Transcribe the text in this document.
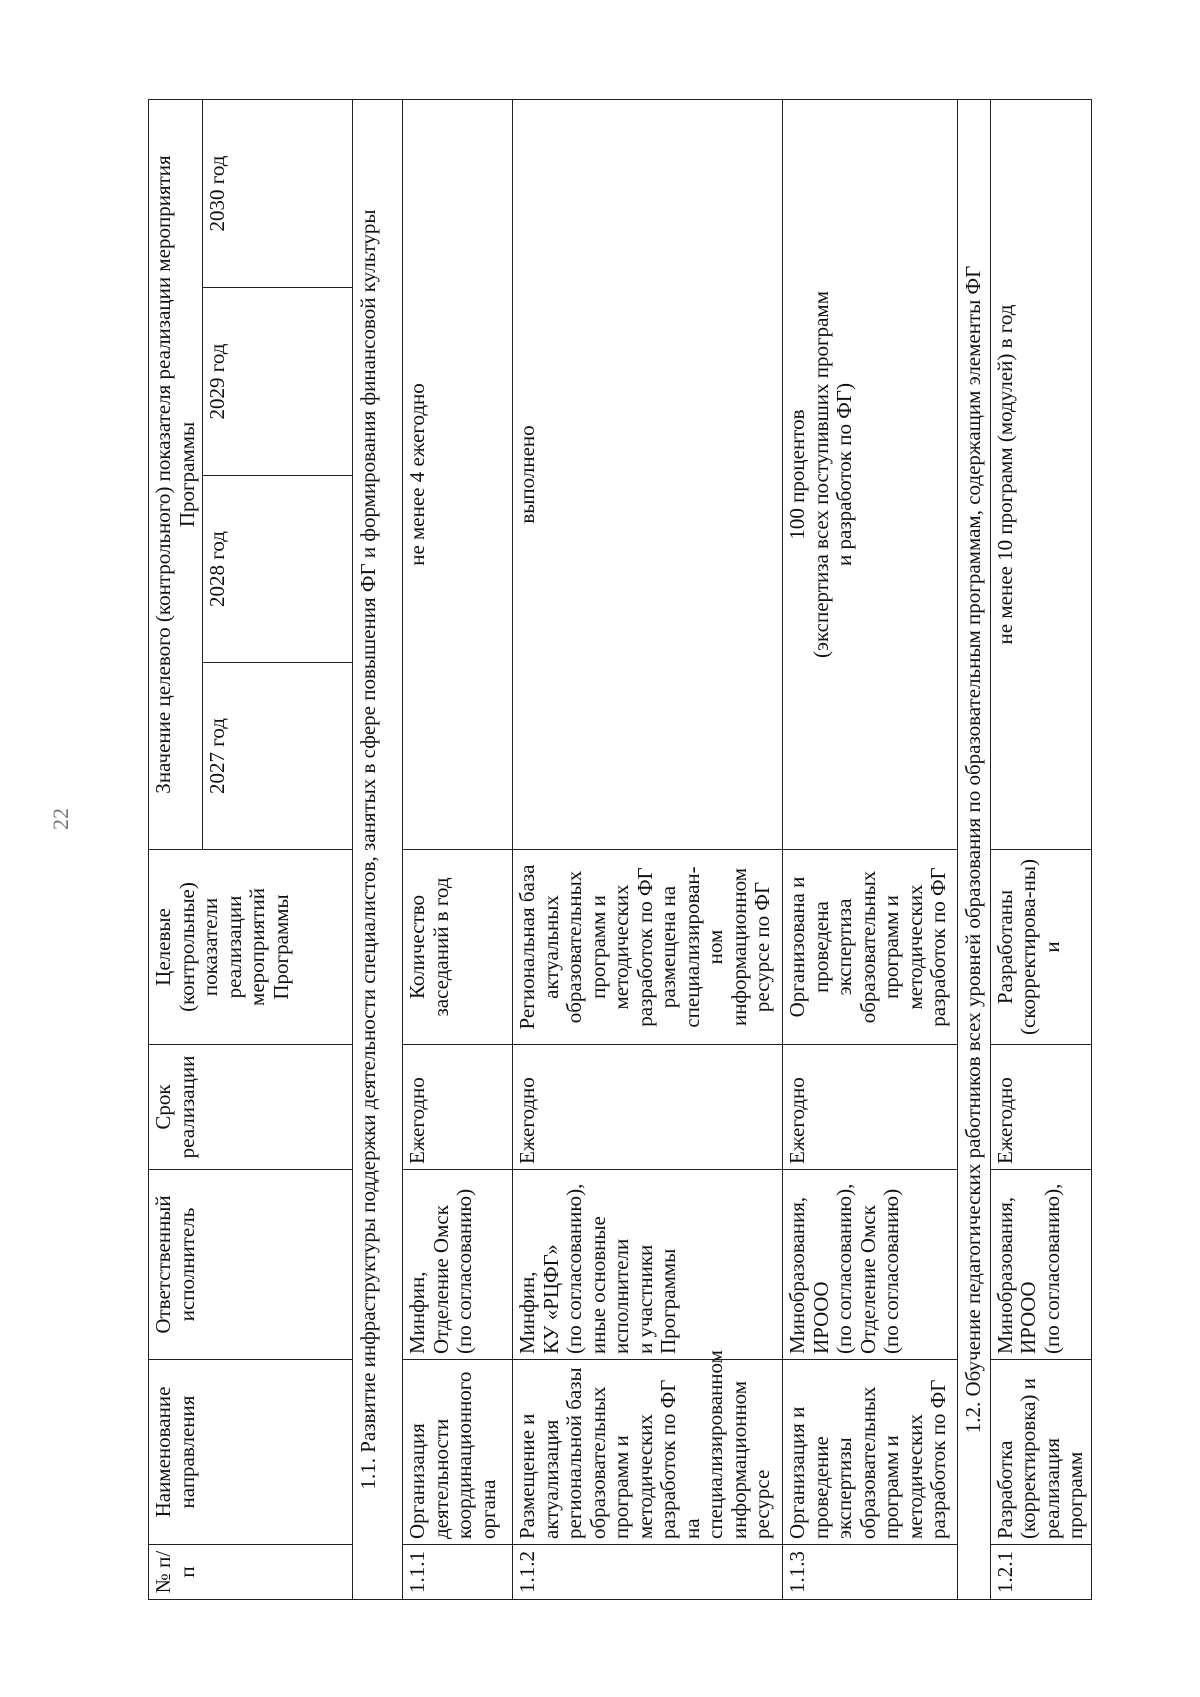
22
№ п/п	Наименование направления	Ответственный исполнитель	Срок реализации	Целевые (контрольные) показатели реализации мероприятий Программы	Значение целевого (контрольного) показателя реализации мероприятия Программы			
					2027 год	2028 год	2029 год	2030 год
1.1. Развитие инфраструктуры поддержки деятельности специалистов, занятых в сфере повышения ФГ и формирования финансовой культуры								
1.1.1	Организация деятельности координационного органа	Минфин,
Отделение Омск
(по согласованию)	Ежегодно	Количество заседаний в год	не менее 4 ежегодно			
1.1.2	Размещение и актуализация региональной базы образовательных программ и методических разработок по ФГ на специализированном информационном ресурсе	Минфин,
КУ «РЦФГ»
(по согласованию),
иные основные исполнители
и участники Программы	Ежегодно	Региональная база актуальных образовательных программ и методических разработок по ФГ размещена на специализирован-ном информационном ресурсе по ФГ	выполнено			
1.1.3	Организация и проведение экспертизы образовательных программ и методических разработок по ФГ	Минобразования,
ИРООО
(по согласованию),
Отделение Омск
(по согласованию)	Ежегодно	Организована и проведена экспертиза образовательных программ и методических разработок по ФГ	100 процентов
(экспертиза всех поступивших программ
и разработок по ФГ)			
1.2. Обучение педагогических работников всех уровней образования по образовательным программам, содержащим элементы ФГ								
1.2.1	Разработка (корректировка) и реализация программ	Минобразования,
ИРООО
(по согласованию),	Ежегодно	Разработаны (скорректирова-ны) и	не менее 10 программ (модулей) в год			
